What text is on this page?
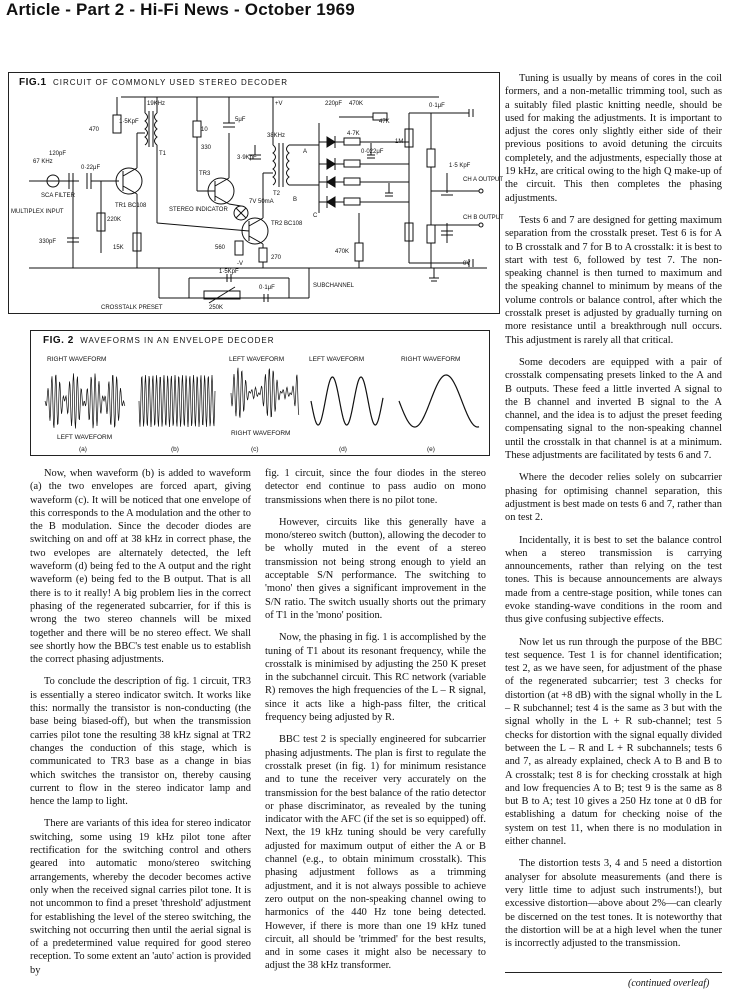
Article - Part 2 - Hi-Fi News - October 1969
FIG.1 CIRCUIT OF COMMONLY USED STEREO DECODER
67 KHz
SCA FILTER
MULTIPLEX INPUT
120pF
0·22μF
330pF
470
1·5KpF
19KHz
T1
TR1 BC108
220K
15K
10
5μF
330
TR3
3·9KpF
38KHz
T2
STEREO INDICATOR
7V 50mA
TR2 BC108
560
270
-V
+V
1·5KpF
0·1μF
250K
SUBCHANNEL
CROSSTALK PRESET
220pF 470K
4·7K
0·022μF
47K
0·1μF
1M
1·5 KpF
CH A OUTPUT
CH B OUTPUT
470K
0V
A
B
C
FIG. 2 WAVEFORMS IN AN ENVELOPE DECODER
RIGHT WAVEFORM
LEFT WAVEFORM
LEFT WAVEFORM
RIGHT WAVEFORM
LEFT WAVEFORM	RIGHT WAVEFORM
(a)	(b)	(c)	(d)	(e)

Now, when waveform (b) is added to waveform (a) the two envelopes are forced apart, giving waveform (c). It will be noticed that one envelope of this corresponds to the A modulation and the other to the B modulation. Since the decoder diodes are switching on and off at 38 kHz in correct phase, the two evelopes are alternately detected, the left waveform (d) being fed to the A output and the right waveform (e) being fed to the B output. That is all there is to it really! A big problem lies in the correct phasing of the regenerated subcarrier, for if this is wrong the two stereo channels will be mixed together and there will be no stereo effect. We shall see shortly how the BBC's test enable us to establish the correct phasing adjustments.

To conclude the description of fig. 1 circuit, TR3 is essentially a stereo indicator switch. It works like this: normally the transistor is non-conducting (the base being biased-off), but when the transmission carries pilot tone the resulting 38 kHz signal at TR2 changes the conduction of this stage, which is communicated to TR3 base as a change in bias which switches the transistor on, thereby causing current to flow in the stereo indicator lamp and hence the lamp to light.

There are variants of this idea for stereo indicator switching, some using 19 kHz pilot tone after rectification for the switching control and others geared into automatic mono/stereo switching arrangements, whereby the decoder becomes active only when the received signal carries pilot tone. It is not uncommon to find a preset 'threshold' adjustment for establishing the level of the stereo switching, the switching not occurring then until the aerial signal is of a predetermined value required for good stereo reception. To some extent an 'auto' action is provided by

fig. 1 circuit, since the four diodes in the stereo detector end continue to pass audio on mono transmissions when there is no pilot tone.

However, circuits like this generally have a mono/stereo switch (button), allowing the decoder to be wholly muted in the event of a stereo transmission not being strong enough to yield an acceptable S/N performance. The switching to 'mono' then gives a significant improvement in the S/N ratio. The switch usually shorts out the primary of T1 in the 'mono' position.

Now, the phasing in fig. 1 is accomplished by the tuning of T1 about its resonant frequency, while the crosstalk is minimised by adjusting the 250 K preset in the subchannel circuit. This RC network (variable R) removes the high frequencies of the L – R signal, since it acts like a high-pass filter, the critical frequency being adjusted by R.

BBC test 2 is specially engineered for subcarrier phasing adjustments. The plan is first to regulate the crosstalk preset (in fig. 1) for minimum resistance and to tune the receiver very accurately on the transmission for the best balance of the ratio detector or phase discriminator, as revealed by the tuning indicator with the AFC (if the set is so equipped) off. Next, the 19 kHz tuning should be very carefully adjusted for maximum output of either the A or B channel (e.g., to obtain minimum crosstalk). This phasing adjustment follows as a trimming adjustment, and it is not always possible to achieve zero output on the non-speaking channel owing to harmonics of the 440 Hz tone being detected. However, if there is more than one 19 kHz tuned circuit, all should be 'trimmed' for the best results, and in some cases it might also be necessary to adjust the 38 kHz transformer.

Tuning is usually by means of cores in the coil formers, and a non-metallic trimming tool, such as a suitably filed plastic knitting needle, should be used for making the adjustments. It is important to adjust the cores only slightly either side of their previous positions to avoid detuning the circuits completely, and the adjustments, especially those at 19 kHz, are critical owing to the high Q make-up of the circuit. This then completes the phasing adjustments.

Tests 6 and 7 are designed for getting maximum separation from the crosstalk preset. Test 6 is for A to B crosstalk and 7 for B to A crosstalk: it is best to start with test 6, followed by test 7. The non-speaking channel is then turned to maximum and the speaking channel to minimum by means of the volume controls or balance control, after which the crosstalk preset is adjusted by gradually turning on more resistance until a breakthrough null occurs. This adjustment is rarely all that critical.

Some decoders are equipped with a pair of crosstalk compensating presets linked to the A and B outputs. These feed a little inverted A signal to the B channel and inverted B signal to the A channel, and the idea is to adjust the preset feeding compensating signal to the non-speaking channel until the crosstalk in that channel is at a minimum. These adjustments are facilitated by tests 6 and 7.

Where the decoder relies solely on subcarrier phasing for optimising channel separation, this adjustment is best made on tests 6 and 7, rather than on test 2.

Incidentally, it is best to set the balance control when a stereo transmission is carrying announcements, rather than relying on the test tones. This is because announcements are always made from a centre-stage position, while tones can evoke standing-wave conditions in the room and thus give confusing subjective effects.

Now let us run through the purpose of the BBC test sequence. Test 1 is for channel identification; test 2, as we have seen, for adjustment of the phase of the regenerated subcarrier; test 3 checks for distortion (at +8 dB) with the signal wholly in the L – R subchannel; test 4 is the same as 3 but with the signal wholly in the L + R sub-channel; test 5 checks for distortion with the signal equally divided between the L – R and L + R subchannels; tests 6 and 7, as already explained, check A to B and B to A crosstalk; test 8 is for checking crosstalk at high and low frequencies A to B; test 9 is the same as 8 but B to A; test 10 gives a 250 Hz tone at 0 dB for establishing a datum for checking noise of the system on test 11, when there is no modulation in either channel.

The distortion tests 3, 4 and 5 need a distortion analyser for absolute measurements (and there is very little time to adjust such instruments!), but excessive distortion—above about 2%—can clearly be discerned on the test tones. It is noteworthy that the distortion will be at a high level when the tuner is incorrectly adjusted to the transmission.

(continued overleaf)
